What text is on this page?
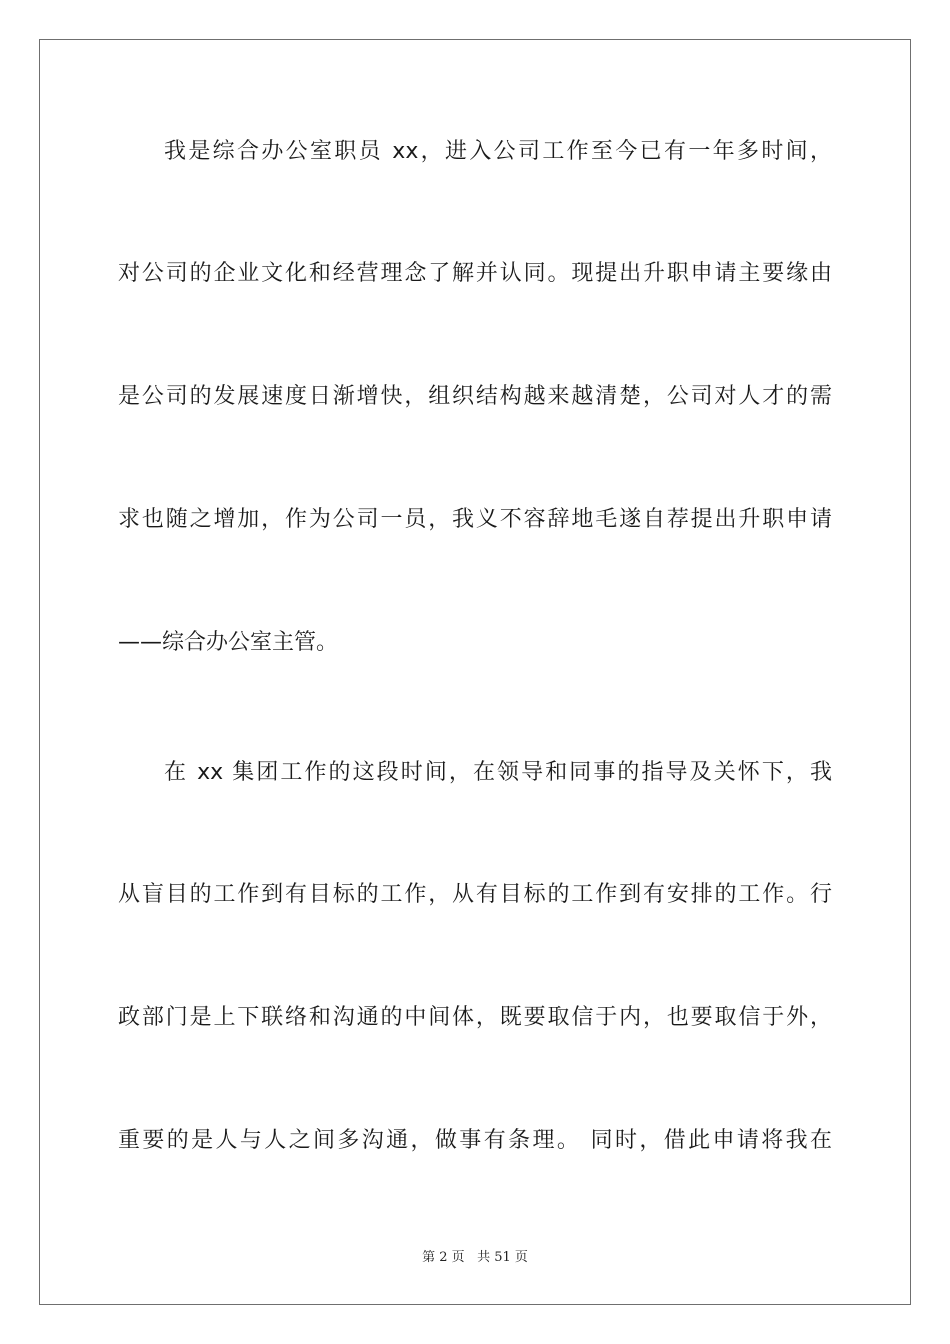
我是综合办公室职员 xx，进入公司工作至今已有一年多时间，
对公司的企业文化和经营理念了解并认同。现提出升职申请主要缘由
是公司的发展速度日渐增快，组织结构越来越清楚，公司对人才的需
求也随之增加，作为公司一员，我义不容辞地毛遂自荐提出升职申请
——综合办公室主管。
在 xx 集团工作的这段时间，在领导和同事的指导及关怀下，我
从盲目的工作到有目标的工作，从有目标的工作到有安排的工作。行
政部门是上下联络和沟通的中间体，既要取信于内，也要取信于外，
重要的是人与人之间多沟通，做事有条理。 同时，借此申请将我在
第 2 页 共 51 页
